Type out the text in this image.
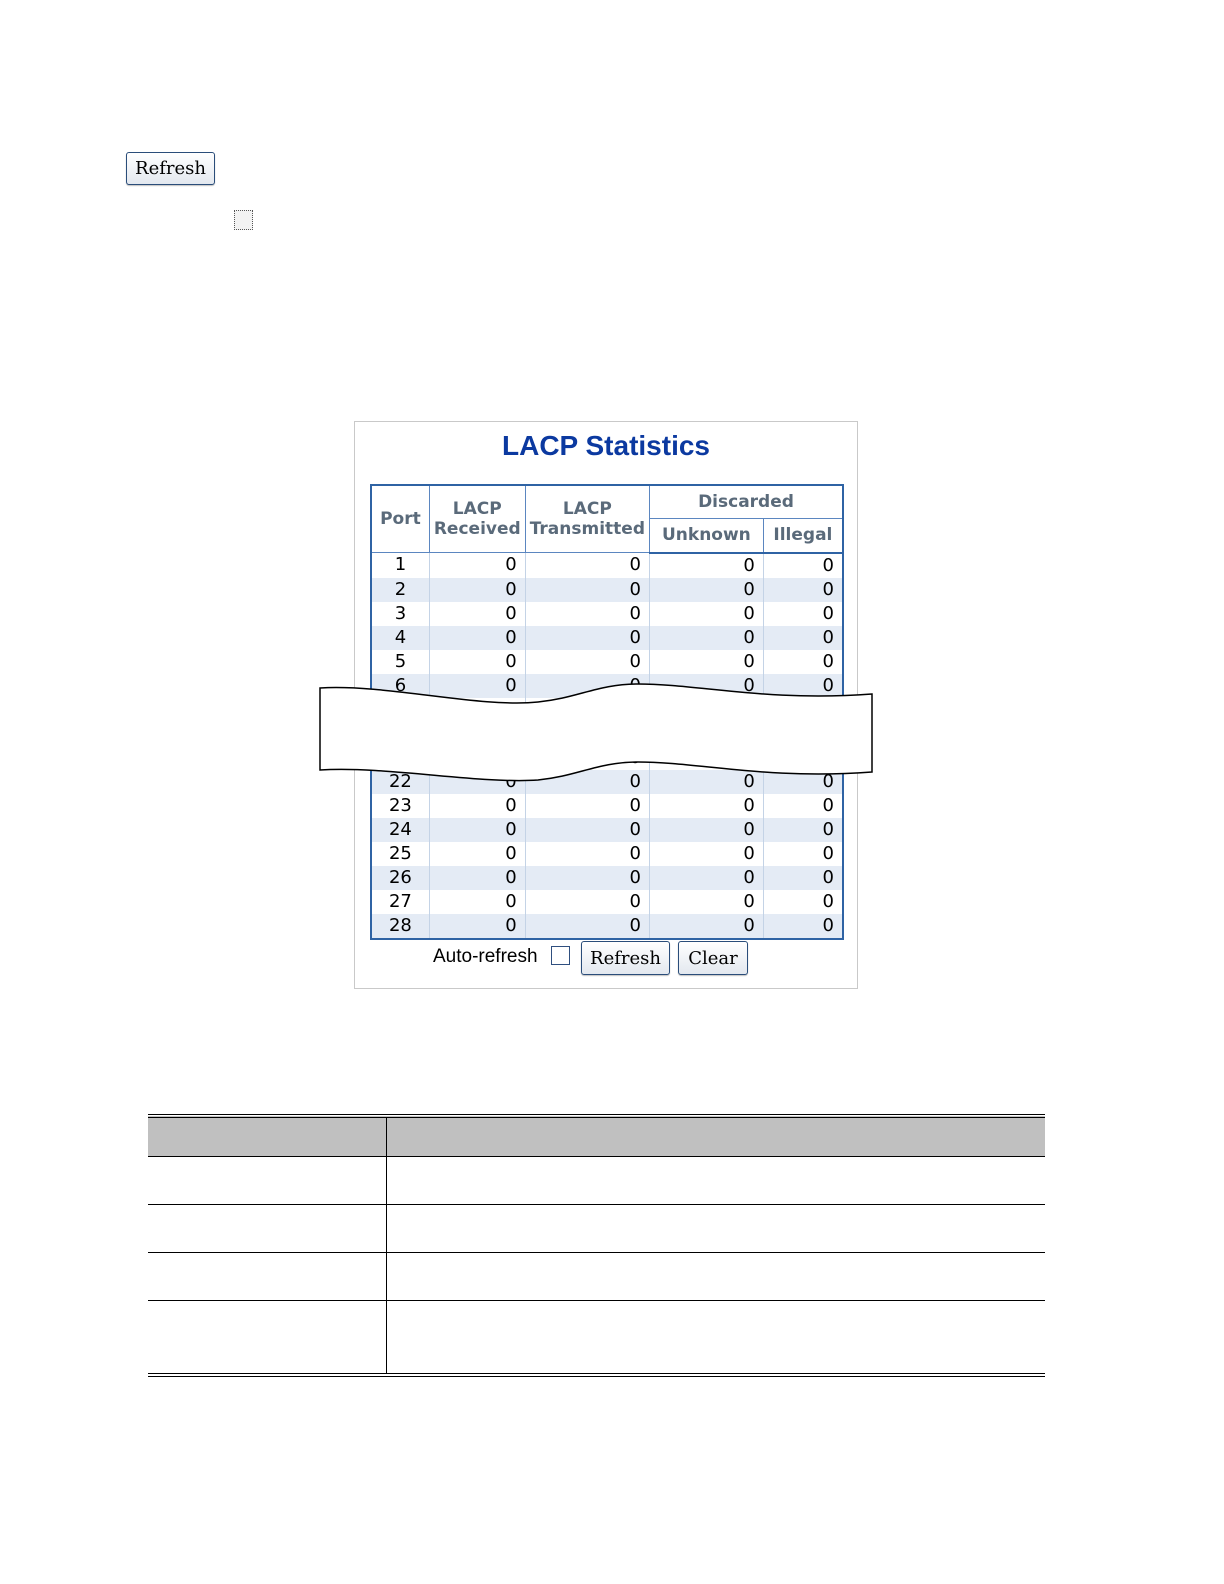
Refresh
LACP Statistics
Port	LACP Received	LACP Transmitted	Discarded	
			Unknown	Illegal
1	0	0	0	0
2	0	0	0	0
3	0	0	0	0
4	0	0	0	0
5	0	0	0	0
6	0		0	0

22		0	0	0
23	0	0	0	0
24	0	0	0	0
25	0	0	0	0
26	0	0	0	0
27	0	0	0	0
28	0	0	0	0
Auto-refresh	Refresh	Clear
